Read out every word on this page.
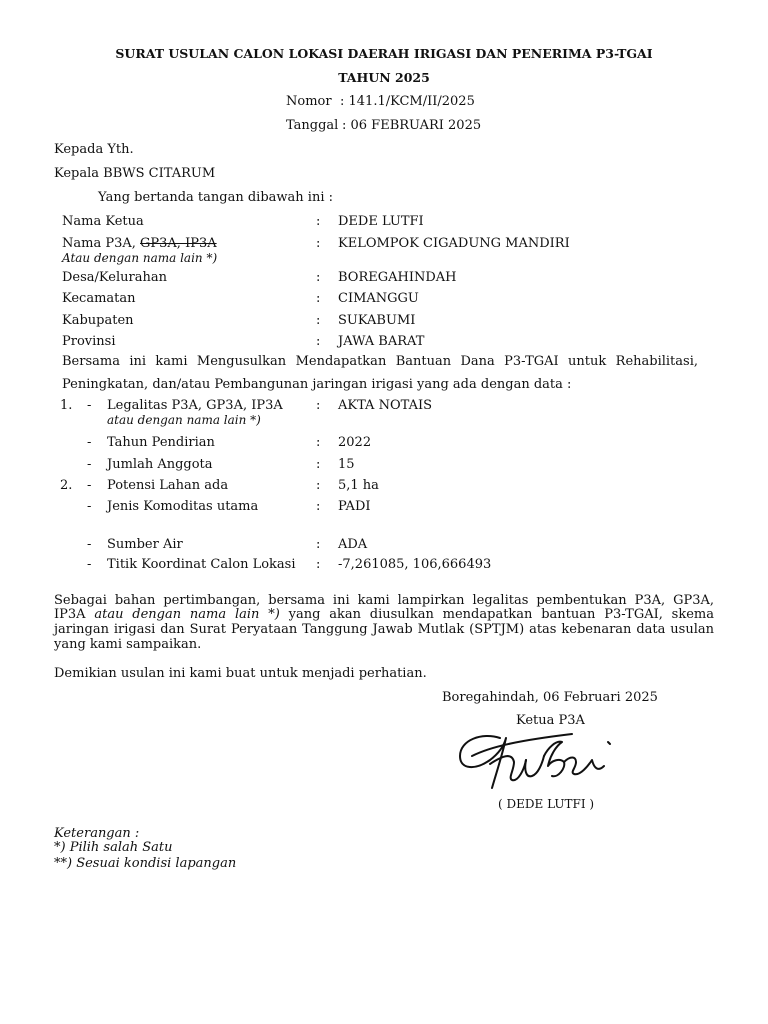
SURAT USULAN CALON LOKASI DAERAH IRIGASI DAN PENERIMA P3-TGAI
TAHUN 2025
Nomor : 141.1/KCM/II/2025
Tanggal : 06 FEBRUARI 2025
Kepada Yth.
Kepala BBWS CITARUM
Yang bertanda tangan dibawah ini :
Nama Ketua	: DEDE LUTFI
Nama P3A, GP3A, IP3A	: KELOMPOK CIGADUNG MANDIRI
Atau dengan nama lain *)
Desa/Kelurahan	: BOREGAHINDAH
Kecamatan	: CIMANGGU
Kabupaten	: SUKABUMI
Provinsi	: JAWA BARAT
Bersama ini kami Mengusulkan Mendapatkan Bantuan Dana P3-TGAI untuk Rehabilitasi,
Peningkatan, dan/atau Pembangunan jaringan irigasi yang ada dengan data :
1. - Legalitas P3A, GP3A, IP3A	: AKTA NOTAIS
atau dengan nama lain *)
- Tahun Pendirian	: 2022
- Jumlah Anggota	: 15
2. - Potensi Lahan ada	: 5,1 ha
- Jenis Komoditas utama	: PADI
- Sumber Air	: ADA
- Titik Koordinat Calon Lokasi : -7,261085, 106,666493
Sebagai bahan pertimbangan, bersama ini kami lampirkan legalitas pembentukan P3A, GP3A,
IP3A atau dengan nama lain *) yang akan diusulkan mendapatkan bantuan P3-TGAI, skema
jaringan irigasi dan Surat Peryataan Tanggung Jawab Mutlak (SPTJM) atas kebenaran data usulan
yang kami sampaikan.
Demikian usulan ini kami buat untuk menjadi perhatian.
Boregahindah, 06 Februari 2025
Ketua P3A
( DEDE LUTFI )
Keterangan :
*) Pilih salah Satu
**) Sesuai kondisi lapangan
